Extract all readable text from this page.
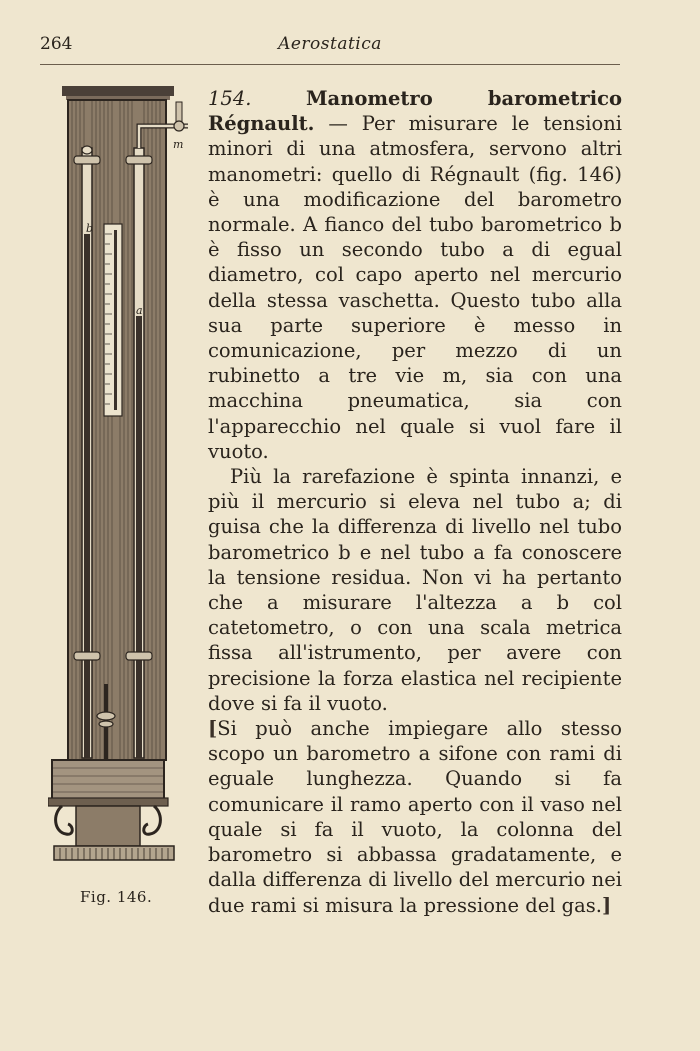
264	Aerostatica
b
a
m
Fig. 146.

154.	Manometro barometrico Régnault. — Per misurare le tensioni minori di una atmosfera, servono altri manometri: quello di Régnault (fig. 146) è una modificazione del barometro normale. A fianco del tubo barometrico b è fisso un secondo tubo a di egual diametro, col capo aperto nel mercurio della stessa vaschetta. Questo tubo alla sua parte superiore è messo in comunicazione, per mezzo di un rubinetto a tre vie m, sia con una macchina pneumatica, sia con l'apparecchio nel quale si vuol fare il vuoto.

Più la rarefazione è spinta innanzi, e più il mercurio si eleva nel tubo a; di guisa che la differenza di livello nel tubo barometrico b e nel tubo a fa conoscere la tensione residua. Non vi ha pertanto che a misurare l'altezza a b col catetometro, o con una scala metrica fissa all'istrumento, per avere con precisione la forza elastica nel recipiente dove si fa il vuoto.

[Si può anche impiegare allo stesso scopo un barometro a sifone con rami di eguale lunghezza. Quando si fa comunicare il ramo aperto con il vaso nel quale si fa il vuoto, la colonna del barometro si abbassa gradatamente, e dalla differenza di livello del mercurio nei due rami si misura la pressione del gas.]
